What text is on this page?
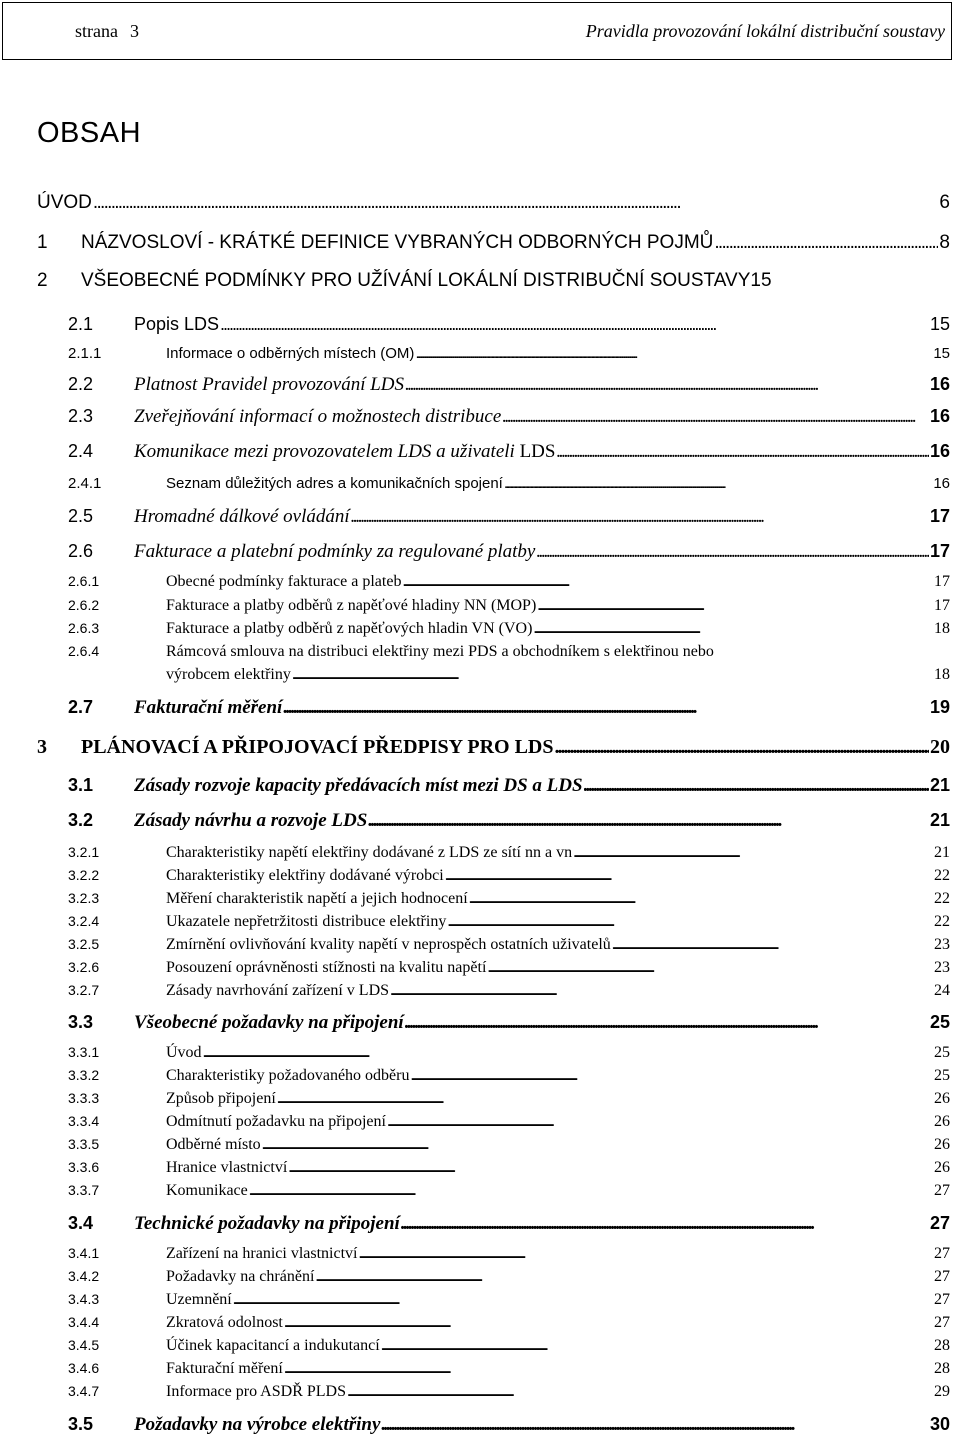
strana 3	Pravidla provozování lokální distribuční soustavy
OBSAH
ÚVOD . . .	6
1	NÁZVOSLOVÍ - KRÁTKÉ DEFINICE VYBRANÝCH ODBORNÝCH POJMŮ . . .	8
2	VŠEOBECNÉ PODMÍNKY PRO UŽÍVÁNÍ LOKÁLNÍ DISTRIBUČNÍ SOUSTAVY 15
2.1	Popis LDS . . .	15
2.1.1	Informace o odběrných místech (OM) . . .	15
2.2	Platnost Pravidel provozování LDS . . .	16
2.3	Zveřejňování informací o možnostech distribuce . . .	16
2.4	Komunikace mezi provozovatelem LDS a uživateli LDS . . .	16
2.4.1	Seznam důležitých adres a komunikačních spojení . . .	16
2.5	Hromadné dálkové ovládání . . .	17
2.6	Fakturace a platební podmínky za regulované platby . . .	17
2.6.1	Obecné podmínky fakturace a plateb . . .	17
2.6.2	Fakturace a platby odběrů z napěťové hladiny NN (MOP) . . .	17
2.6.3	Fakturace a platby odběrů z napěťových hladin VN (VO) . . .	18
2.6.4	Rámcová smlouva na distribuci elektřiny mezi PDS a obchodníkem s elektřinou nebo
výrobcem elektřiny . . .	18
2.7	Fakturační měření . . .	19
3	PLÁNOVACÍ A PŘIPOJOVACÍ PŘEDPISY PRO LDS . . .	20
3.1	Zásady rozvoje kapacity předávacích míst mezi DS a LDS . . .	21
3.2	Zásady návrhu a rozvoje LDS . . .	21
3.2.1	Charakteristiky napětí elektřiny dodávané z LDS ze sítí nn a vn . . .	21
3.2.2	Charakteristiky elektřiny dodávané výrobci . . .	22
3.2.3	Měření charakteristik napětí a jejich hodnocení . . .	22
3.2.4	Ukazatele nepřetržitosti distribuce elektřiny . . .	22
3.2.5	Zmírnění ovlivňování kvality napětí v neprospěch ostatních uživatelů . . .	23
3.2.6	Posouzení oprávněnosti stížnosti na kvalitu napětí . . .	23
3.2.7	Zásady navrhování zařízení v LDS . . .	24
3.3	Všeobecné požadavky na připojení . . .	25
3.3.1	Úvod . . .	25
3.3.2	Charakteristiky požadovaného odběru . . .	25
3.3.3	Způsob připojení . . .	26
3.3.4	Odmítnutí požadavku na připojení . . .	26
3.3.5	Odběrné místo . . .	26
3.3.6	Hranice vlastnictví . . .	26
3.3.7	Komunikace . . .	27
3.4	Technické požadavky na připojení . . .	27
3.4.1	Zařízení na hranici vlastnictví . . .	27
3.4.2	Požadavky na chránění . . .	27
3.4.3	Uzemnění . . .	27
3.4.4	Zkratová odolnost . . .	27
3.4.5	Účinek kapacitancí a indukutancí . . .	28
3.4.6	Fakturační měření . . .	28
3.4.7	Informace pro ASDŘ PLDS . . .	29
3.5	Požadavky na výrobce elektřiny . . .	30
